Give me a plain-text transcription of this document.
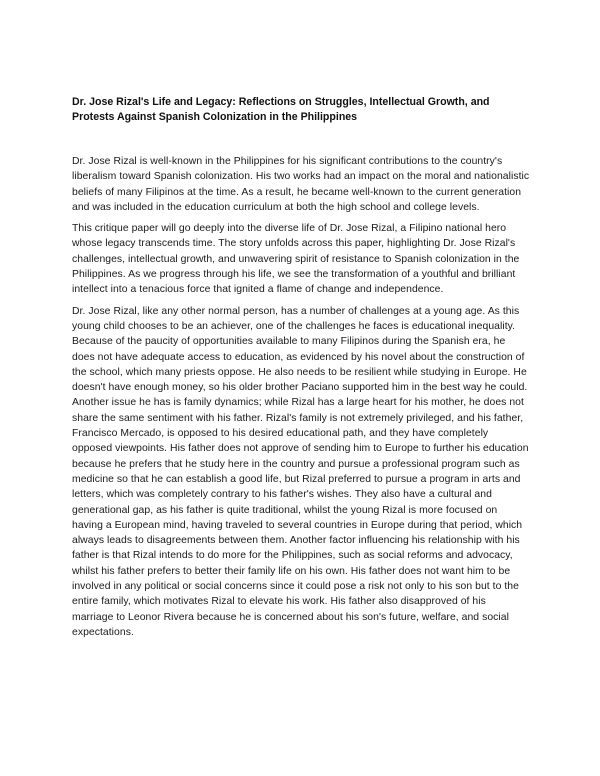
Dr. Jose Rizal's Life and Legacy: Reflections on Struggles, Intellectual Growth, and Protests Against Spanish Colonization in the Philippines

Dr. Jose Rizal is well-known in the Philippines for his significant contributions to the country's liberalism toward Spanish colonization. His two works had an impact on the moral and nationalistic beliefs of many Filipinos at the time. As a result, he became well-known to the current generation and was included in the education curriculum at both the high school and college levels.

This critique paper will go deeply into the diverse life of Dr. Jose Rizal, a Filipino national hero whose legacy transcends time. The story unfolds across this paper, highlighting Dr. Jose Rizal's challenges, intellectual growth, and unwavering spirit of resistance to Spanish colonization in the Philippines. As we progress through his life, we see the transformation of a youthful and brilliant intellect into a tenacious force that ignited a flame of change and independence.

Dr. Jose Rizal, like any other normal person, has a number of challenges at a young age. As this young child chooses to be an achiever, one of the challenges he faces is educational inequality. Because of the paucity of opportunities available to many Filipinos during the Spanish era, he does not have adequate access to education, as evidenced by his novel about the construction of the school, which many priests oppose. He also needs to be resilient while studying in Europe. He doesn't have enough money, so his older brother Paciano supported him in the best way he could. Another issue he has is family dynamics; while Rizal has a large heart for his mother, he does not share the same sentiment with his father. Rizal's family is not extremely privileged, and his father, Francisco Mercado, is opposed to his desired educational path, and they have completely opposed viewpoints. His father does not approve of sending him to Europe to further his education because he prefers that he study here in the country and pursue a professional program such as medicine so that he can establish a good life, but Rizal preferred to pursue a program in arts and letters, which was completely contrary to his father's wishes. They also have a cultural and generational gap, as his father is quite traditional, whilst the young Rizal is more focused on having a European mind, having traveled to several countries in Europe during that period, which always leads to disagreements between them. Another factor influencing his relationship with his father is that Rizal intends to do more for the Philippines, such as social reforms and advocacy, whilst his father prefers to better their family life on his own. His father does not want him to be involved in any political or social concerns since it could pose a risk not only to his son but to the entire family, which motivates Rizal to elevate his work. His father also disapproved of his marriage to Leonor Rivera because he is concerned about his son's future, welfare, and social expectations.
